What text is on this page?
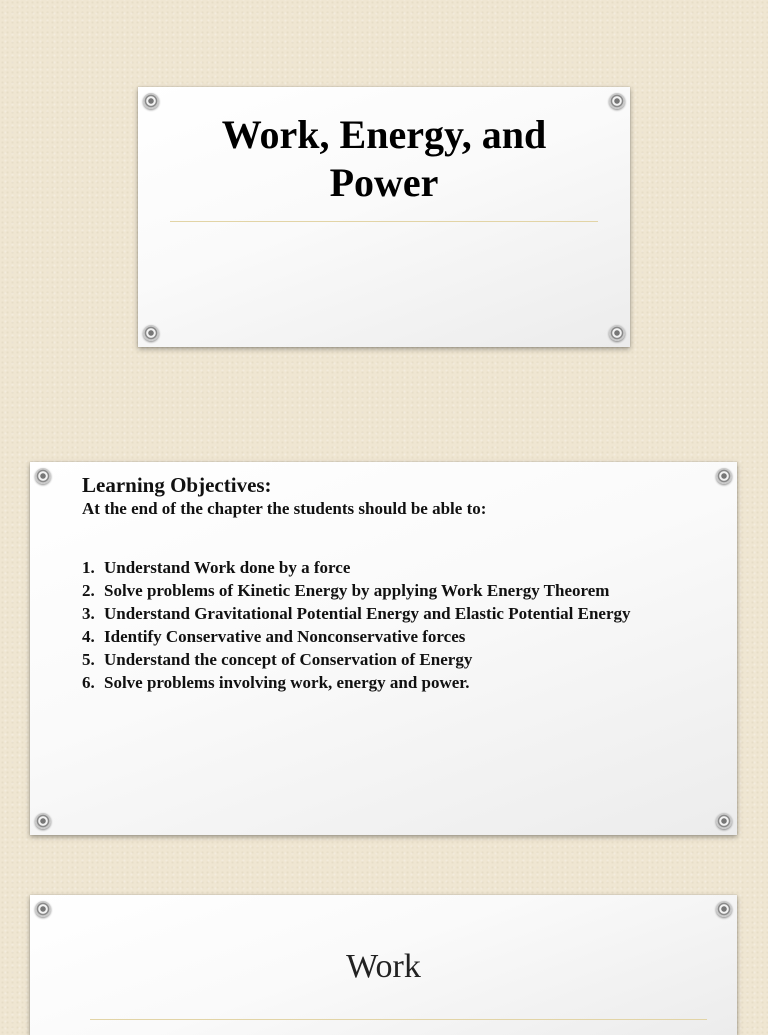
Work, Energy, and
Power
Learning Objectives:

At the end of the chapter the students should be able to:

1. Understand Work done by a force
2. Solve problems of Kinetic Energy by applying Work Energy Theorem
3. Understand Gravitational Potential Energy and Elastic Potential Energy
4. Identify Conservative and Nonconservative forces
5. Understand the concept of Conservation of Energy
6. Solve problems involving work, energy and power.
Work
